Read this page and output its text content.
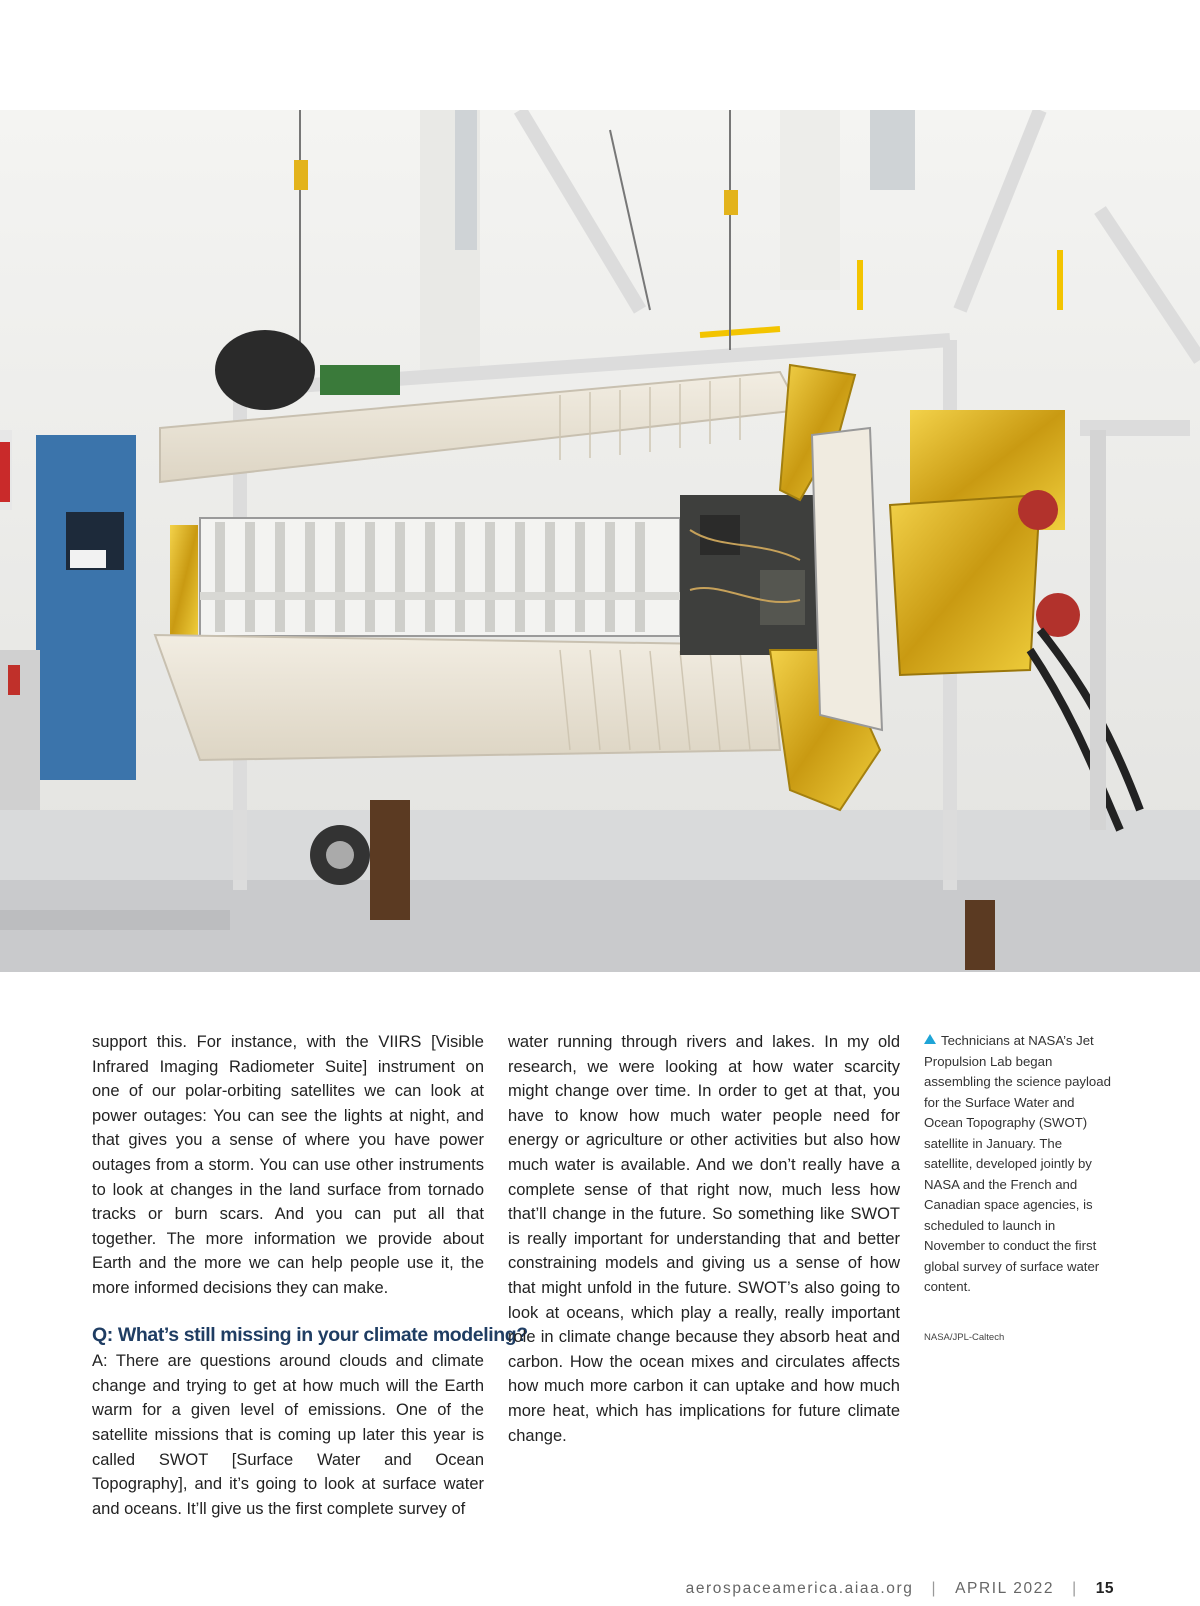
support this. For instance, with the VIIRS [Visible Infrared Imaging Radiometer Suite] instrument on one of our polar-orbiting satellites we can look at power outages: You can see the lights at night, and that gives you a sense of where you have power outages from a storm. You can use other instruments to look at changes in the land surface from tornado tracks or burn scars. And you can put all that together. The more information we provide about Earth and the more we can help people use it, the more informed decisions they can make.

Q: What’s still missing in your climate modeling?

A: There are questions around clouds and climate change and trying to get at how much will the Earth warm for a given level of emissions. One of the satellite missions that is coming up later this year is called SWOT [Surface Water and Ocean Topography], and it’s going to look at surface water and oceans. It’ll give us the first complete survey of

water running through rivers and lakes. In my old research, we were looking at how water scarcity might change over time. In order to get at that, you have to know how much water people need for energy or agriculture or other activities but also how much water is available. And we don’t really have a complete sense of that right now, much less how that’ll change in the future. So something like SWOT is really important for understanding that and better constraining models and giving us a sense of how that might unfold in the future. SWOT’s also going to look at oceans, which play a really, really important role in climate change because they absorb heat and carbon. How the ocean mixes and circulates affects how much more carbon it can uptake and how much more heat, which has implications for future climate change.

Technicians at NASA’s Jet Propulsion Lab began assembling the science payload for the Surface Water and Ocean Topography (SWOT) satellite in January. The satellite, developed jointly by NASA and the French and Canadian space agencies, is scheduled to launch in November to conduct the first global survey of surface water content.
NASA/JPL-Caltech
aerospaceamerica.aiaa.org | APRIL 2022 | 15
